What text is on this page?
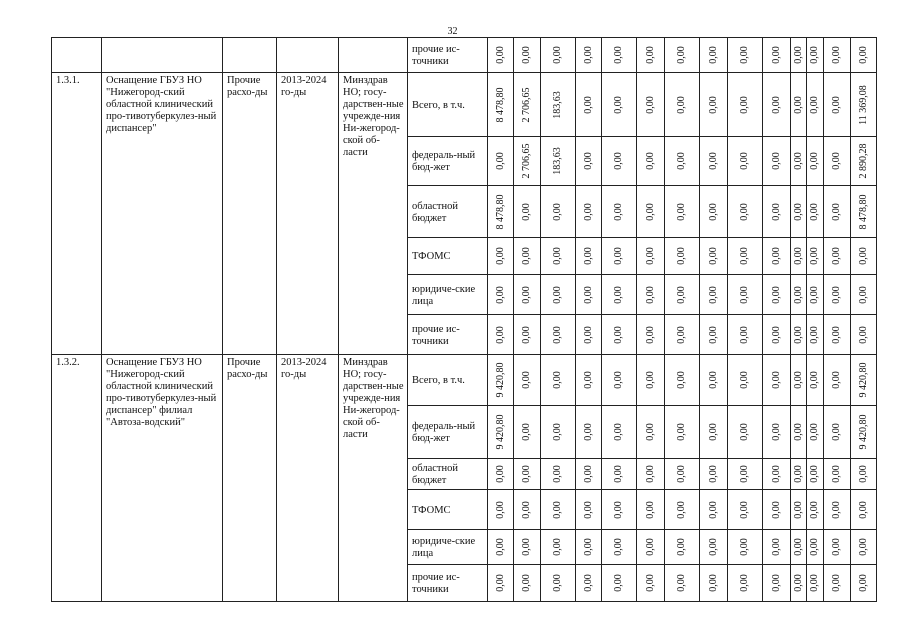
32
					прочие ис-
точники	0,00	0,00	0,00	0,00	0,00	0,00	0,00	0,00	0,00	0,00	0,00	0,00	0,00	0,00

1.3.1.	Оснащение ГБУЗ НО "Нижегород-ский областной клинический про-тивотуберкулез-ный диспансер"	Прочие расхо-ды	2013-2024 го-ды	Минздрав НО; госу-дарствен-ные учрежде-ния Ни-жегород-ской об-ласти	Всего, в т.ч.	8 478,80	2 706,65	183,63	0,00	0,00	0,00	0,00	0,00	0,00	0,00	0,00	0,00	0,00	11 369,08

					федераль-ный бюд-жет	0,00	2 706,65	183,63	0,00	0,00	0,00	0,00	0,00	0,00	0,00	0,00	0,00	0,00	2 890,28

					областной бюджет	8 478,80	0,00	0,00	0,00	0,00	0,00	0,00	0,00	0,00	0,00	0,00	0,00	0,00	8 478,80

					ТФОМС	0,00	0,00	0,00	0,00	0,00	0,00	0,00	0,00	0,00	0,00	0,00	0,00	0,00	0,00

					юридиче-ские лица	0,00	0,00	0,00	0,00	0,00	0,00	0,00	0,00	0,00	0,00	0,00	0,00	0,00	0,00

					прочие ис-точники	0,00	0,00	0,00	0,00	0,00	0,00	0,00	0,00	0,00	0,00	0,00	0,00	0,00	0,00

1.3.2.	Оснащение ГБУЗ НО "Нижегород-ский областной клинический про-тивотуберкулез-ный диспансер" филиал "Автоза-водский"	Прочие расхо-ды	2013-2024 го-ды	Минздрав НО; госу-дарствен-ные учрежде-ния Ни-жегород-ской об-ласти	Всего, в т.ч.	9 420,80	0,00	0,00	0,00	0,00	0,00	0,00	0,00	0,00	0,00	0,00	0,00	0,00	9 420,80

					федераль-ный бюд-жет	9 420,80	0,00	0,00	0,00	0,00	0,00	0,00	0,00	0,00	0,00	0,00	0,00	0,00	9 420,80

					областной бюджет	0,00	0,00	0,00	0,00	0,00	0,00	0,00	0,00	0,00	0,00	0,00	0,00	0,00	0,00

					ТФОМС	0,00	0,00	0,00	0,00	0,00	0,00	0,00	0,00	0,00	0,00	0,00	0,00	0,00	0,00

					юридиче-ские лица	0,00	0,00	0,00	0,00	0,00	0,00	0,00	0,00	0,00	0,00	0,00	0,00	0,00	0,00

					прочие ис-точники	0,00	0,00	0,00	0,00	0,00	0,00	0,00	0,00	0,00	0,00	0,00	0,00	0,00	0,00
